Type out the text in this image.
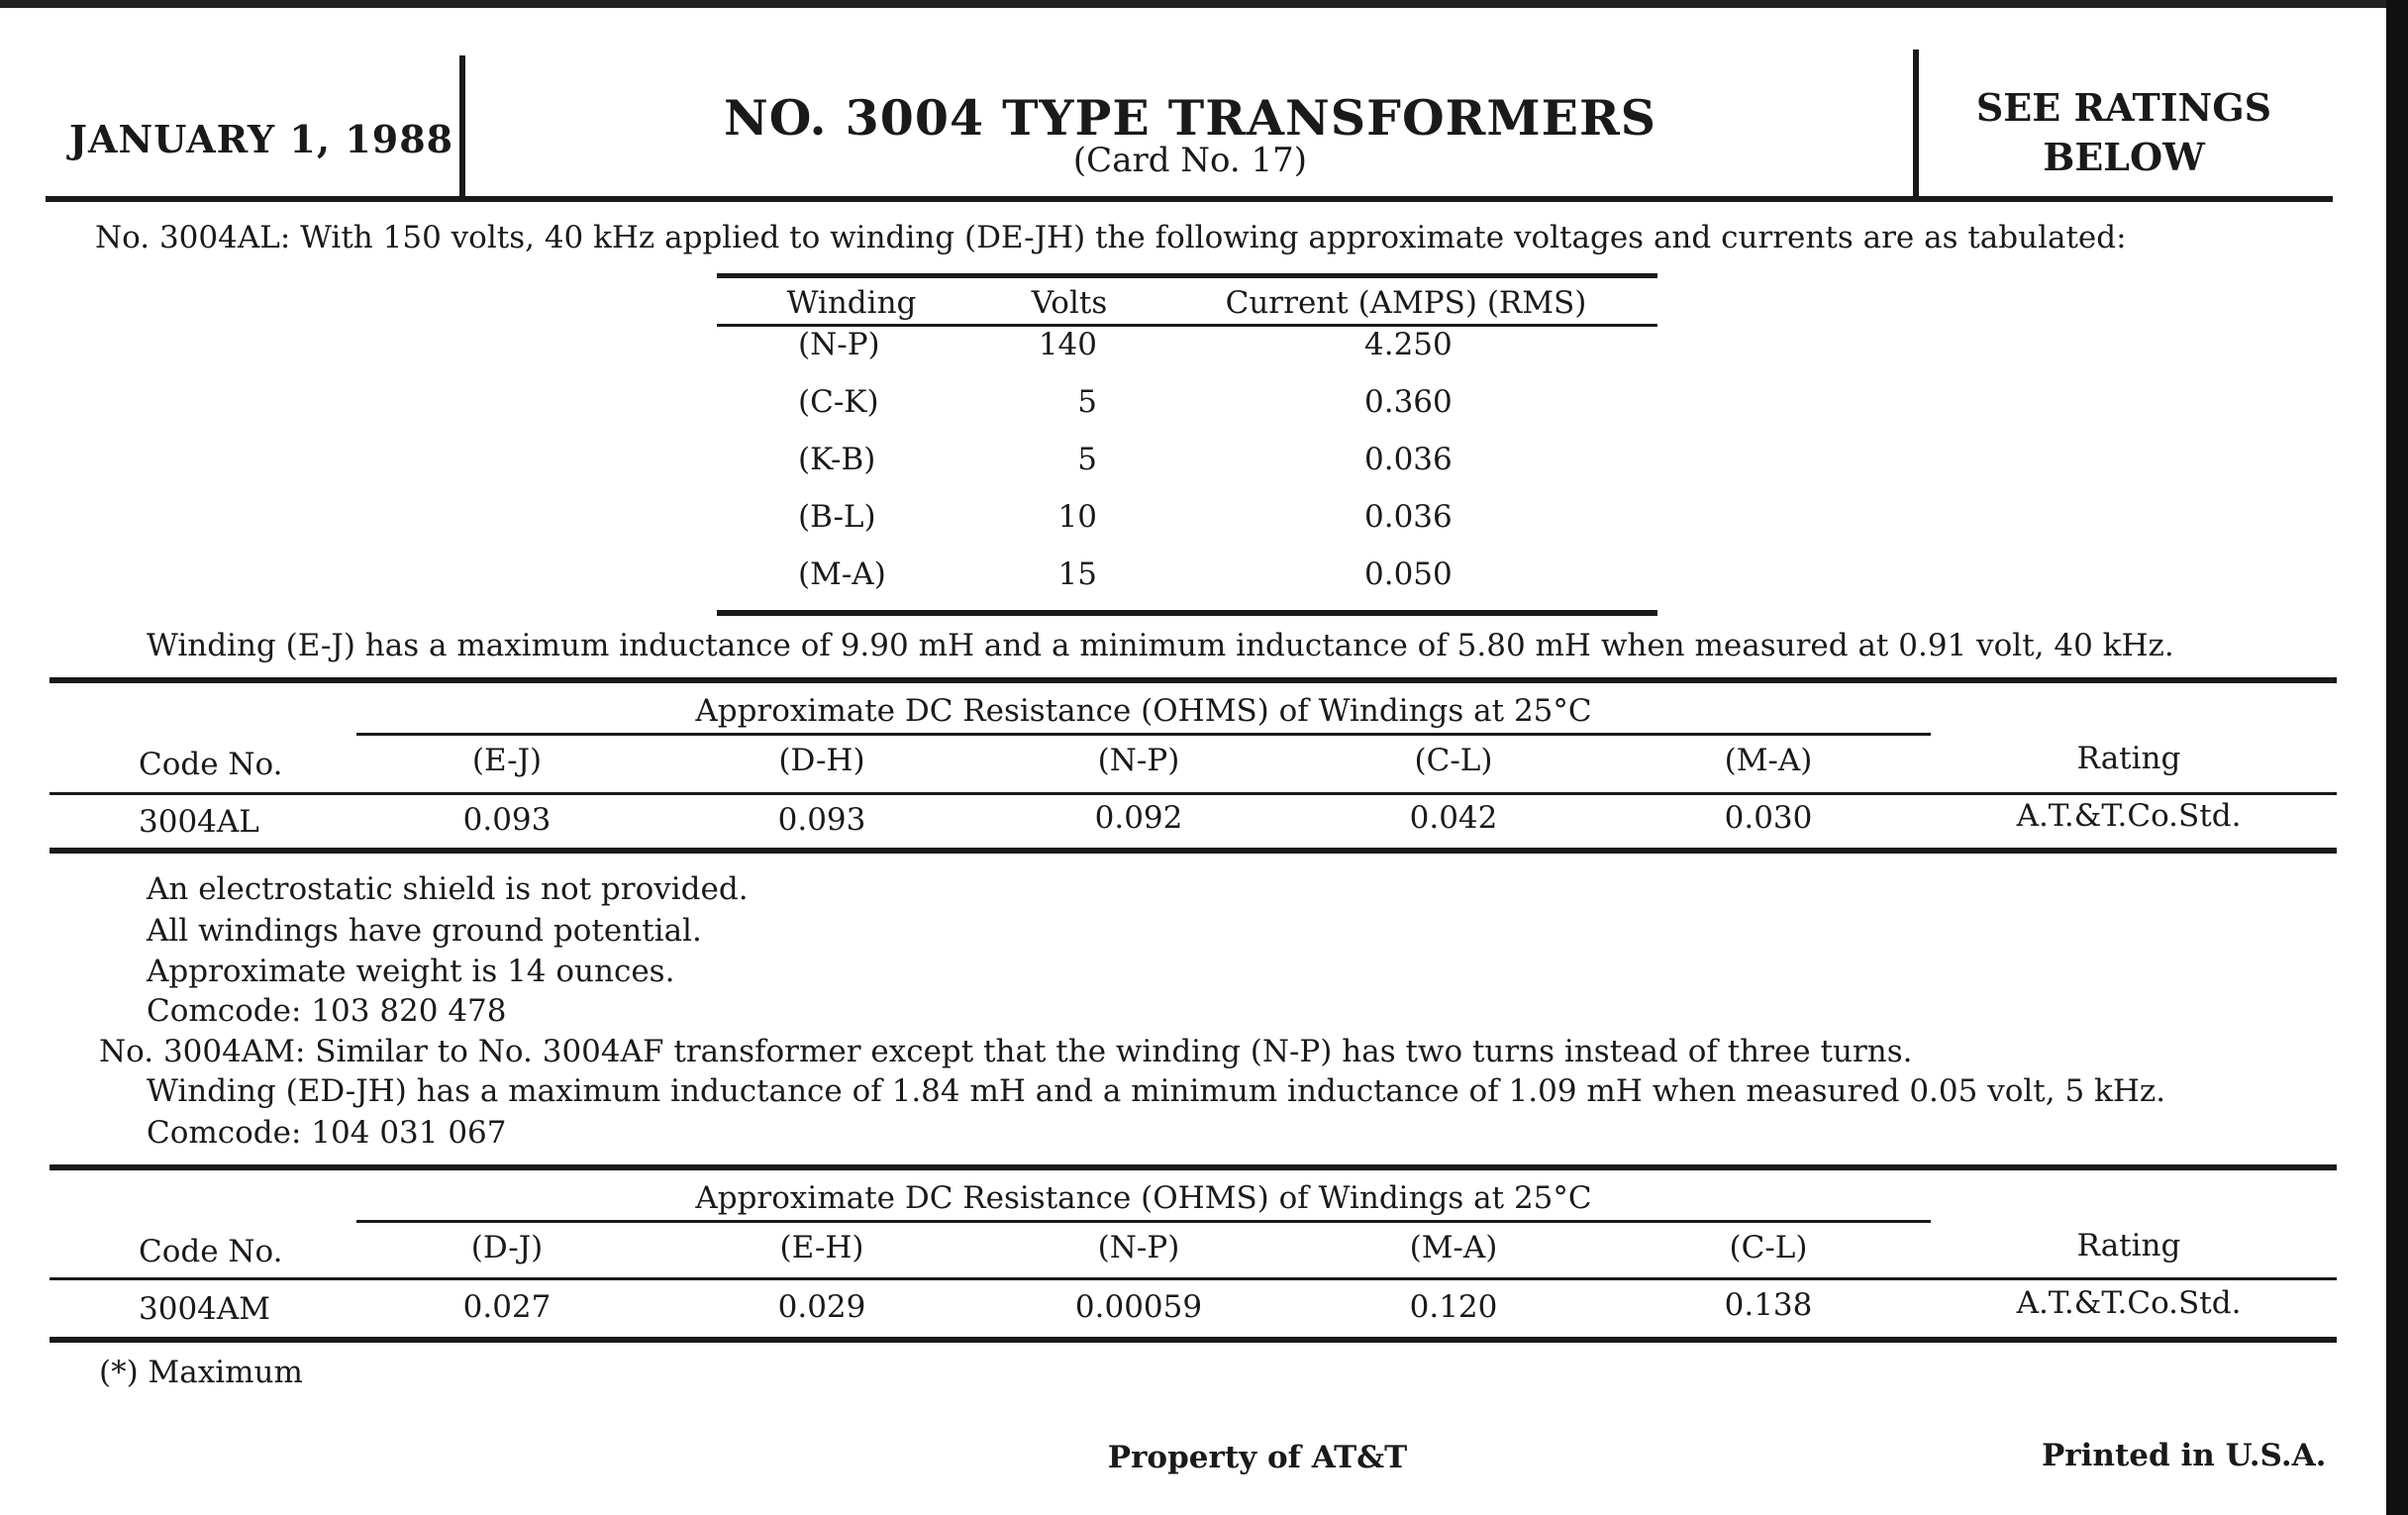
JANUARY 1, 1988	NO. 3004 TYPE TRANSFORMERS
(Card No. 17)
SEE RATINGS
BELOW
No. 3004AL: With 150 volts, 40 kHz applied to winding (DE-JH) the following approximate voltages and currents are as tabulated:
Winding	Volts	Current (AMPS) (RMS)
(N-P)	140	4.250
(C-K)	5	0.360
(K-B)	5	0.036
(B-L)	10	0.036
(M-A)	15	0.050
Winding (E-J) has a maximum inductance of 9.90 mH and a minimum inductance of 5.80 mH when measured at 0.91 volt, 40 kHz.
Approximate DC Resistance (OHMS) of Windings at 25°C
Code No.	(E-J)	(D-H)	(N-P)	(C-L)	(M-A)	Rating
3004AL	0.093	0.093	0.092	0.042	0.030	A.T.&T.Co.Std.
An electrostatic shield is not provided.
All windings have ground potential.
Approximate weight is 14 ounces.
Comcode: 103 820 478
No. 3004AM: Similar to No. 3004AF transformer except that the winding (N-P) has two turns instead of three turns.
Winding (ED-JH) has a maximum inductance of 1.84 mH and a minimum inductance of 1.09 mH when measured 0.05 volt, 5 kHz.
Comcode: 104 031 067
Approximate DC Resistance (OHMS) of Windings at 25°C
Code No.	(D-J)	(E-H)	(N-P)	(M-A)	(C-L)	Rating
3004AM	0.027	0.029	0.00059	0.120	0.138	A.T.&T.Co.Std.
(*) Maximum
Property of AT&T	Printed in U.S.A.
